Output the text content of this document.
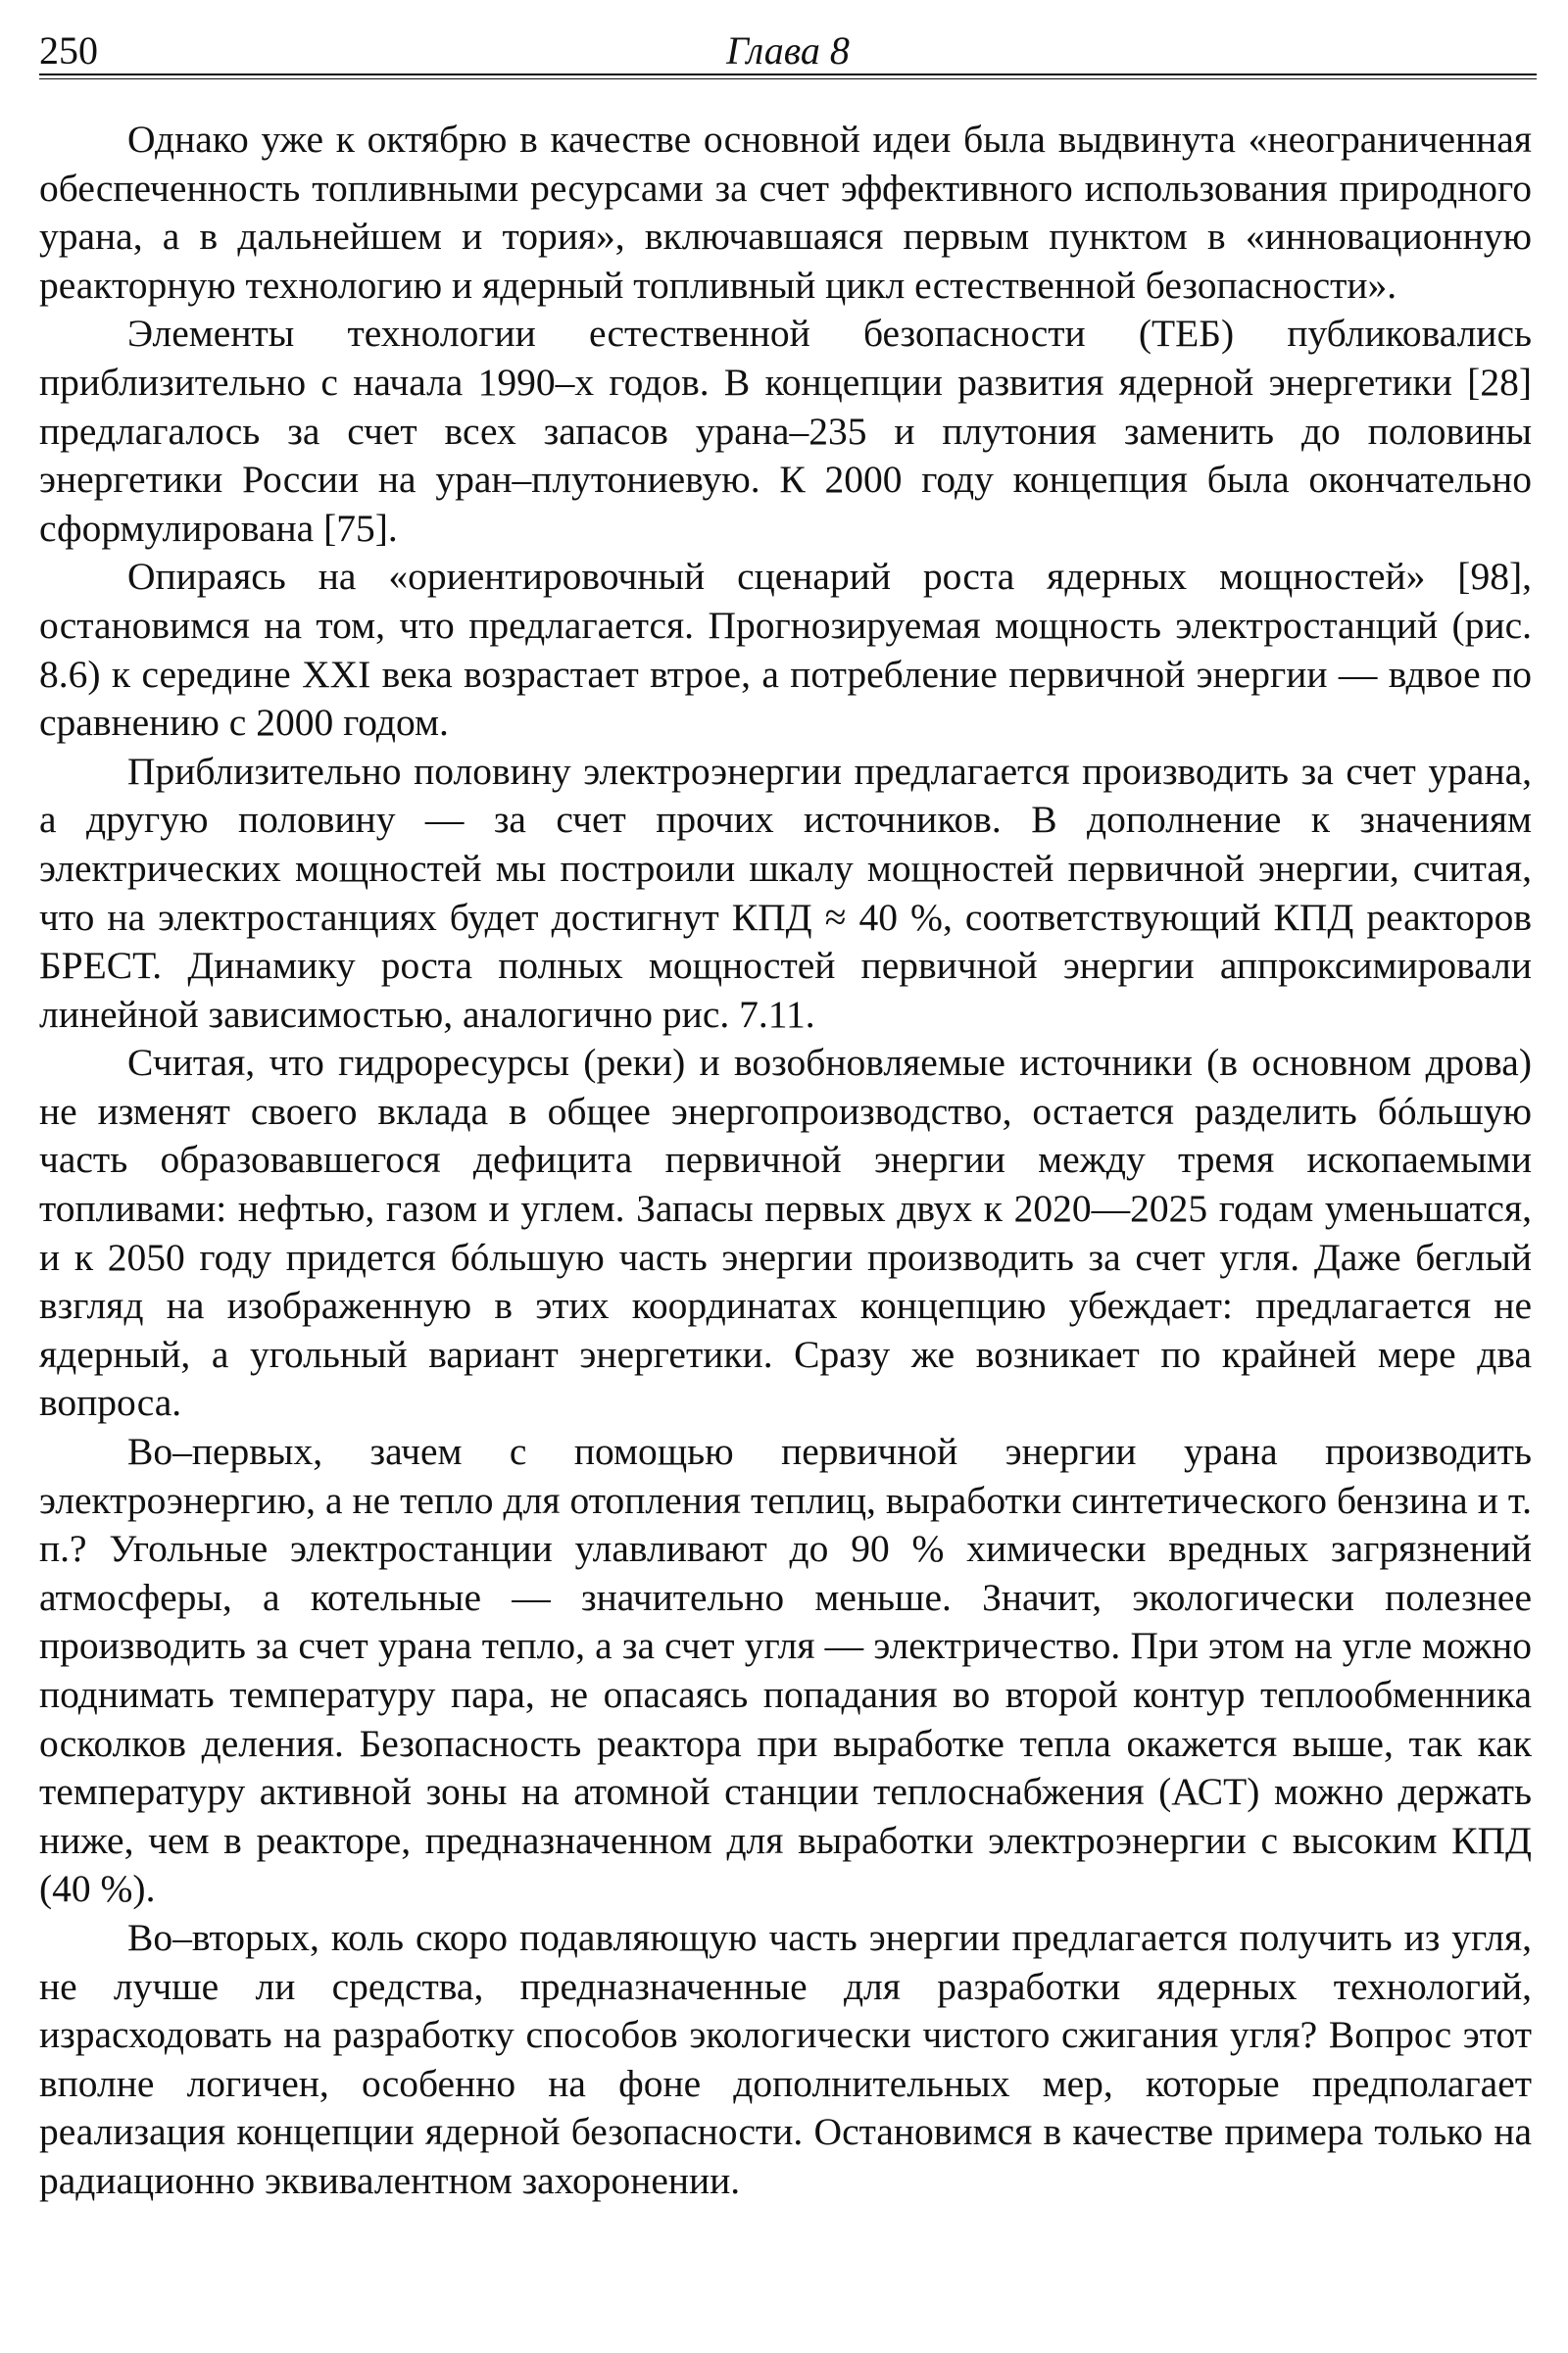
250	Глава 8

Однако уже к октябрю в качестве основной идеи была выдвинута «неограниченная обеспеченность топливными ресурсами за счет эффективного использования природного урана, а в дальнейшем и тория», включавшаяся первым пунктом в «инновационную реакторную технологию и ядерный топливный цикл естественной безопасности».

Элементы технологии естественной безопасности (ТЕБ) публиковались приблизительно с начала 1990–х годов. В концепции развития ядерной энергетики [28] предлагалось за счет всех запасов урана–235 и плутония заменить до половины энергетики России на уран–плутониевую. К 2000 году концепция была окончательно сформулирована [75].

Опираясь на «ориентировочный сценарий роста ядерных мощностей» [98], остановимся на том, что предлагается. Прогнозируемая мощность электростанций (рис. 8.6) к середине XXI века возрастает втрое, а потребление первичной энергии — вдвое по сравнению с 2000 годом.

Приблизительно половину электроэнергии предлагается производить за счет урана, а другую половину — за счет прочих источников. В дополнение к значениям электрических мощностей мы построили шкалу мощностей первичной энергии, считая, что на электростанциях будет достигнут КПД ≈ 40 %, соответствующий КПД реакторов БРЕСТ. Динамику роста полных мощностей первичной энергии аппроксимировали линейной зависимостью, аналогично рис. 7.11.

Считая, что гидроресурсы (реки) и возобновляемые источники (в основном дрова) не изменят своего вклада в общее энергопроизводство, остается разделить бóльшую часть образовавшегося дефицита первичной энергии между тремя ископаемыми топливами: нефтью, газом и углем. Запасы первых двух к 2020—2025 годам уменьшатся, и к 2050 году придется бóльшую часть энергии производить за счет угля. Даже беглый взгляд на изображенную в этих координатах концепцию убеждает: предлагается не ядерный, а угольный вариант энергетики. Сразу же возникает по крайней мере два вопроса.

Во–первых, зачем с помощью первичной энергии урана производить электроэнергию, а не тепло для отопления теплиц, выработки синтетического бензина и т. п.? Угольные электростанции улавливают до 90 % химически вредных загрязнений атмосферы, а котельные — значительно меньше. Значит, экологически полезнее производить за счет урана тепло, а за счет угля — электричество. При этом на угле можно поднимать температуру пара, не опасаясь попадания во второй контур теплообменника осколков деления. Безопасность реактора при выработке тепла окажется выше, так как температуру активной зоны на атомной станции теплоснабжения (АСТ) можно держать ниже, чем в реакторе, предназначенном для выработки электроэнергии с высоким КПД (40 %).

Во–вторых, коль скоро подавляющую часть энергии предлагается получить из угля, не лучше ли средства, предназначенные для разработки ядерных технологий, израсходовать на разработку способов экологически чистого сжигания угля? Вопрос этот вполне логичен, особенно на фоне дополнительных мер, которые предполагает реализация концепции ядерной безопасности. Остановимся в качестве примера только на радиационно эквивалентном захоронении.
